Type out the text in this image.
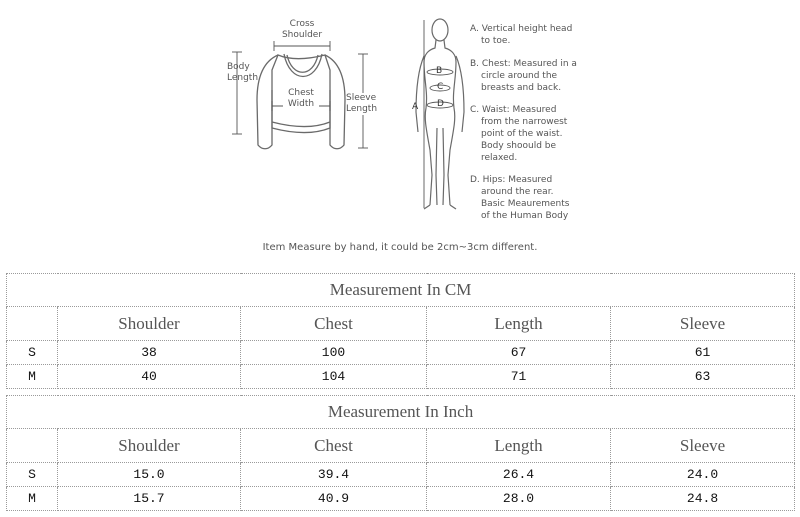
Cross
Shoulder
Body
Length
Chest
Width
Sleeve
Length	A
B
C
D
A. Vertical height head
to toe.
B. Chest: Measured in a
circle around the
breasts and back.
C. Waist: Measured
from the narrowest
point of the waist.
Body shoould be
relaxed.
D. Hips: Measured
around the rear.
Basic Meaurements
of the Human Body
Item Measure by hand, it could be 2cm~3cm different.
Measurement In CM				
	Shoulder	Chest	Length	Sleeve
S	38	100	67	61
M	40	104	71	63
Measurement In Inch				
	Shoulder	Chest	Length	Sleeve
S	15.0	39.4	26.4	24.0
M	15.7	40.9	28.0	24.8
